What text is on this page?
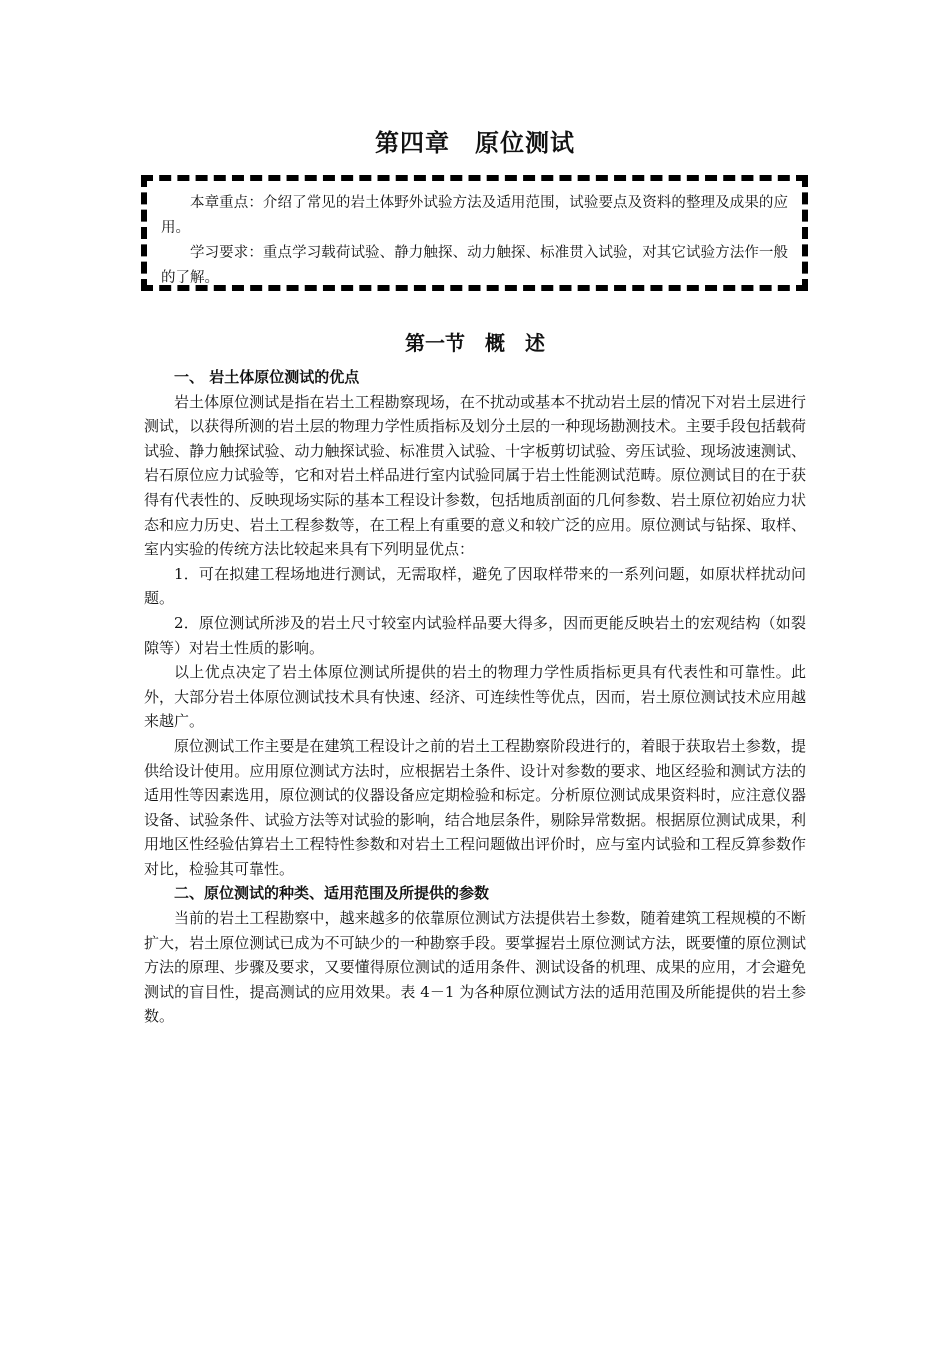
第四章　原位测试

本章重点：介绍了常见的岩土体野外试验方法及适用范围，试验要点及资料的整理及成果的应用。

学习要求：重点学习载荷试验、静力触探、动力触探、标准贯入试验，对其它试验方法作一般的了解。

第一节　概　述
一、 岩土体原位测试的优点

岩土体原位测试是指在岩土工程勘察现场，在不扰动或基本不扰动岩土层的情况下对岩土层进行测试，以获得所测的岩土层的物理力学性质指标及划分土层的一种现场勘测技术。主要手段包括载荷试验、静力触探试验、动力触探试验、标准贯入试验、十字板剪切试验、旁压试验、现场波速测试、岩石原位应力试验等，它和对岩土样品进行室内试验同属于岩土性能测试范畴。原位测试目的在于获得有代表性的、反映现场实际的基本工程设计参数，包括地质剖面的几何参数、岩土原位初始应力状态和应力历史、岩土工程参数等，在工程上有重要的意义和较广泛的应用。原位测试与钻探、取样、室内实验的传统方法比较起来具有下列明显优点：

1．可在拟建工程场地进行测试，无需取样，避免了因取样带来的一系列问题，如原状样扰动问题。

2．原位测试所涉及的岩土尺寸较室内试验样品要大得多，因而更能反映岩土的宏观结构（如裂隙等）对岩土性质的影响。

以上优点决定了岩土体原位测试所提供的岩土的物理力学性质指标更具有代表性和可靠性。此外，大部分岩土体原位测试技术具有快速、经济、可连续性等优点，因而，岩土原位测试技术应用越来越广。

原位测试工作主要是在建筑工程设计之前的岩土工程勘察阶段进行的，着眼于获取岩土参数，提供给设计使用。应用原位测试方法时，应根据岩土条件、设计对参数的要求、地区经验和测试方法的适用性等因素选用，原位测试的仪器设备应定期检验和标定。分析原位测试成果资料时，应注意仪器设备、试验条件、试验方法等对试验的影响，结合地层条件，剔除异常数据。根据原位测试成果，利用地区性经验估算岩土工程特性参数和对岩土工程问题做出评价时，应与室内试验和工程反算参数作对比，检验其可靠性。

二、原位测试的种类、适用范围及所提供的参数

当前的岩土工程勘察中，越来越多的依靠原位测试方法提供岩土参数，随着建筑工程规模的不断扩大，岩土原位测试已成为不可缺少的一种勘察手段。要掌握岩土原位测试方法，既要懂的原位测试方法的原理、步骤及要求，又要懂得原位测试的适用条件、测试设备的机理、成果的应用，才会避免测试的盲目性，提高测试的应用效果。表 4－1 为各种原位测试方法的适用范围及所能提供的岩土参数。
